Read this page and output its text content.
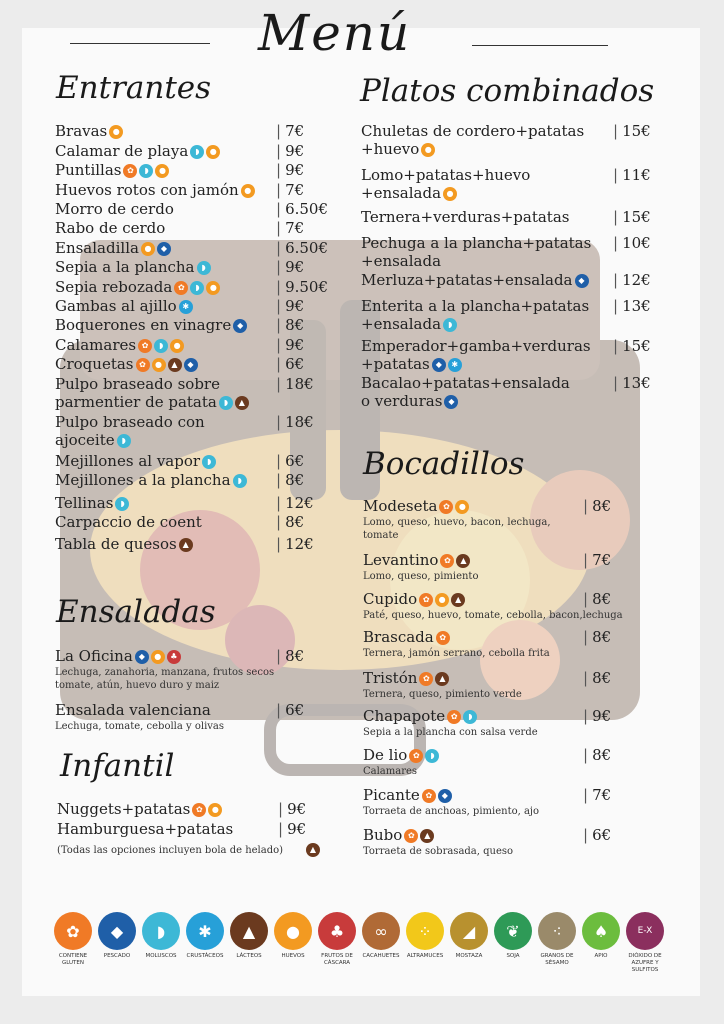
Menú
Entrantes	Platos combinados
Bocadillos
Ensaladas
Infantil
Bravas ●	| 7€
Calamar de playa ◗	●	| 9€
Puntillas ✿	◗	●	| 9€
Huevos rotos con jamón ●	| 7€
Morro de cerdo	| 6.50€
Rabo de cerdo	| 7€
Ensaladilla ●	◆	| 6.50€
Sepia a la plancha ◗	| 9€
Sepia rebozada ✿	◗	●	| 9.50€
Gambas al ajillo ✱	| 9€
Boquerones en vinagre ◆	| 8€
Calamares ✿	◗	●	| 9€
Croquetas ✿	●	▲	◆	| 6€
Pulpo braseado sobre
parmentier de patata ◗	▲
| 18€
Pulpo braseado con
ajoceite ◗
| 18€
Mejillones al vapor ◗	| 6€
Mejillones a la plancha ◗	| 8€
Tellinas ◗	| 12€
Carpaccio de coent	| 8€
Tabla de quesos ▲	| 12€
Chuletas de cordero+patatas
+huevo ●
| 15€
Lomo+patatas+huevo
+ensalada ●
| 11€
Ternera+verduras+patatas	| 15€
Pechuga a la plancha+patatas
+ensalada
| 10€
Merluza+patatas+ensalada ◆	| 12€
Enterita a la plancha+patatas
+ensalada ◗
| 13€
Emperador+gamba+verduras
+patatas ◆	✱
| 15€
Bacalao+patatas+ensalada
o verduras ◆
| 13€
La Oficina ◆	●	♣	| 8€
Lechuga, zanahoria, manzana, frutos secos
tomate, atún, huevo duro y maiz
Ensalada valenciana	| 6€
Lechuga, tomate, cebolla y olivas
Nuggets+patatas ✿	●	| 9€
Hamburguesa+patatas	| 9€
Modeseta ✿	●	| 8€
Lomo, queso, huevo, bacon, lechuga,
tomate
Levantino ✿	▲	| 7€
Lomo, queso, pimiento
Cupido ✿	●	▲	| 8€
Paté, queso, huevo, tomate, cebolla, bacon,lechuga
Brascada ✿	| 8€
Ternera, jamón serrano, cebolla frita
Tristón ✿	▲	| 8€
Ternera, queso, pimiento verde
Chapapote ✿	◗	| 9€
Sepia a la plancha con salsa verde
De lio ✿	◗	| 8€
Calamares
Picante ✿	◆	| 7€
Torraeta de anchoas, pimiento, ajo
Bubo ✿	▲	| 6€
Torraeta de sobrasada, queso
(Todas las opciones incluyen bola de helado)	▲
✿
CONTIENE GLUTEN
◆
PESCADO
◗
MOLUSCOS
✱
CRUSTÁCEOS
▲
LÁCTEOS
●
HUEVOS
♣
FRUTOS DE CÁSCARA
∞
CACAHUETES
⁘
ALTRAMUCES
◢
MOSTAZA
❦
SOJA
⁖
GRANOS DE SÉSAMO
♠
APIO
E-X
DIÓXIDO DE AZUFRE Y SULFITOS
